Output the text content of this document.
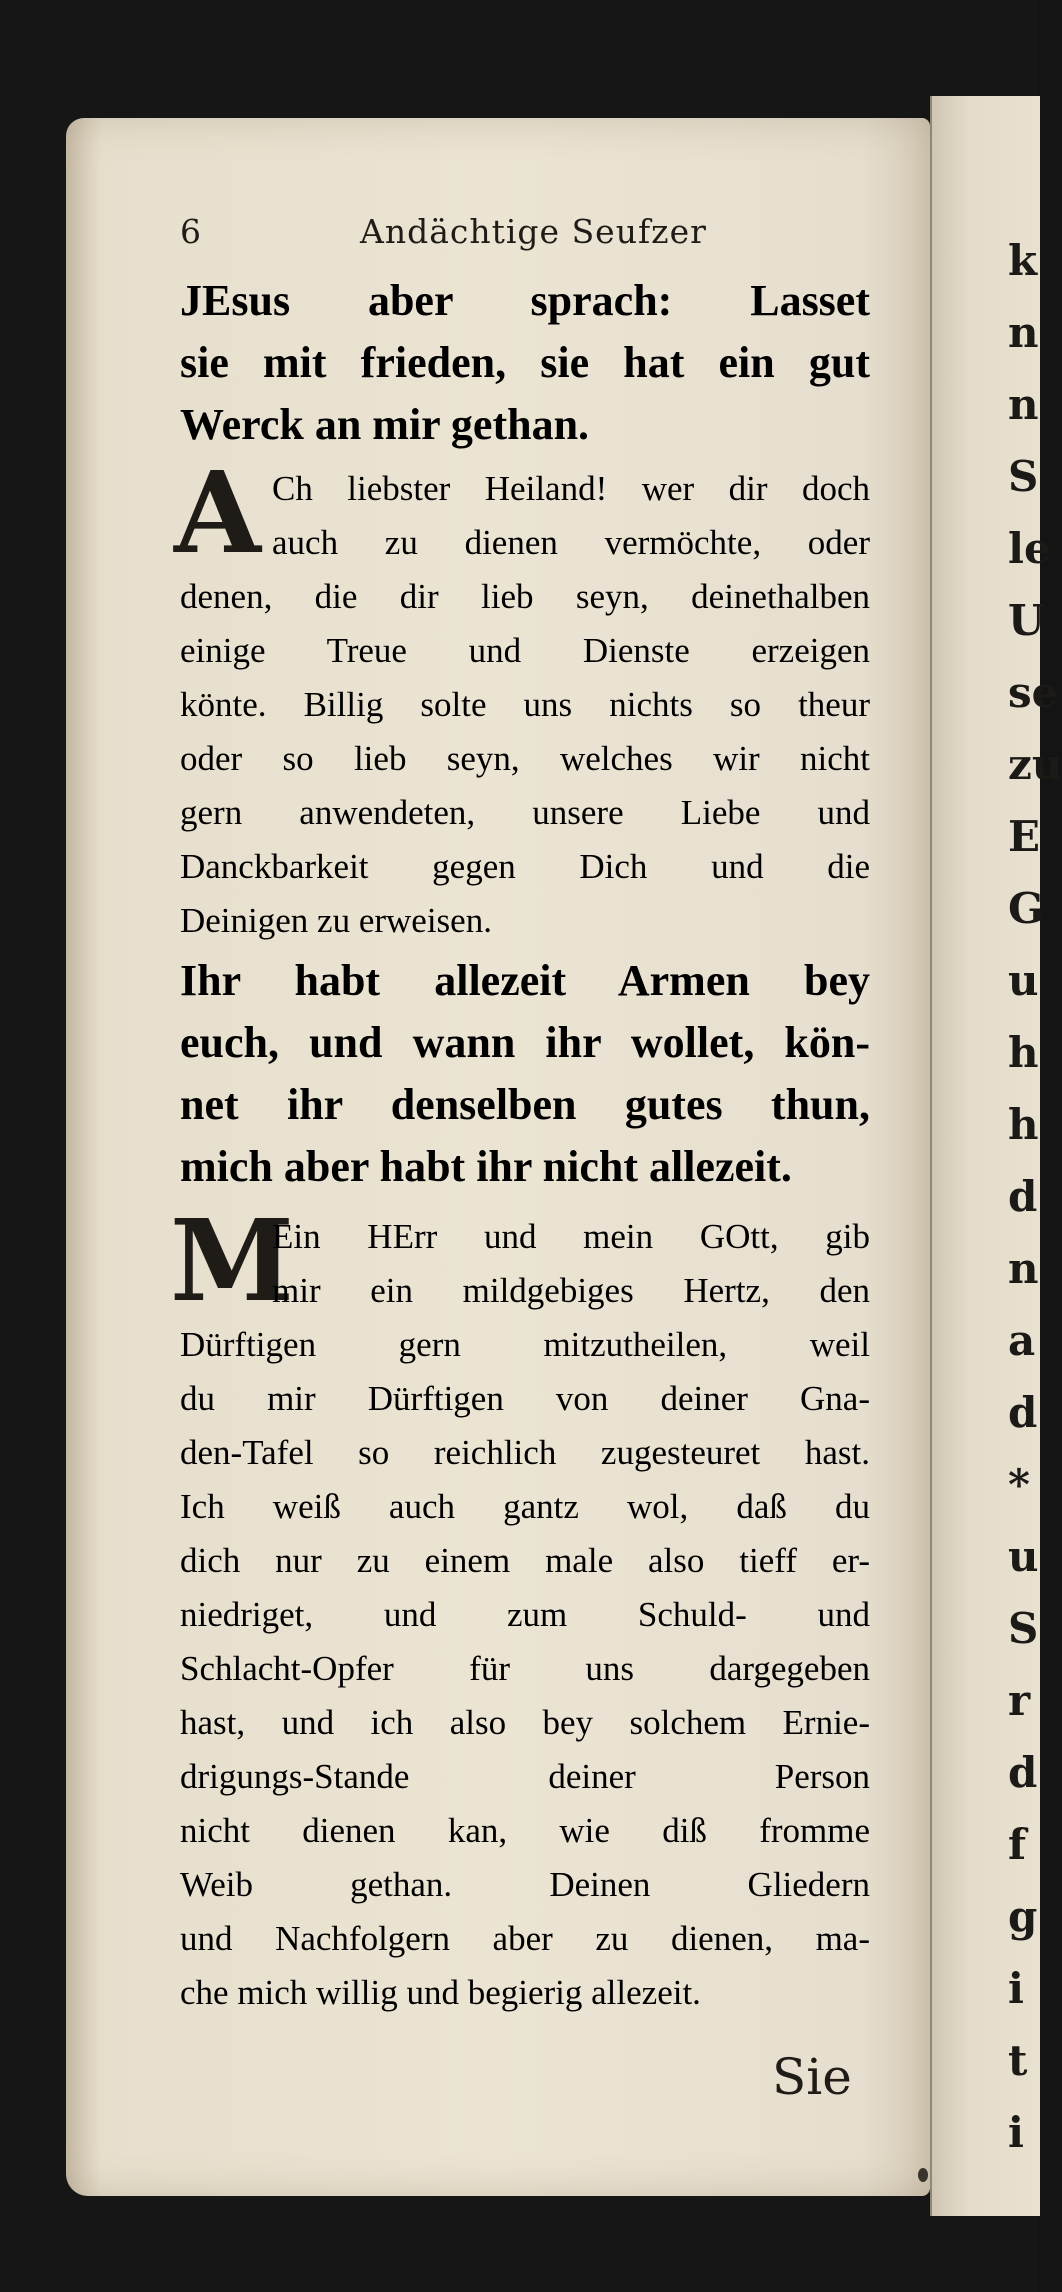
k
n
n
S
le
U
se
zu
E
G
u
h
h
d
n
a
d
*
u
S
r
d
f
g
i
t
i
6	Andächtige Seufzer
JEsus aber sprach: Lasset
sie mit frieden, sie hat ein gut
Werck an mir gethan.
A Ch liebster Heiland! wer dir doch
auch zu dienen vermöchte, oder
denen, die dir lieb seyn, deinethalben
einige Treue und Dienste erzeigen
könte. Billig solte uns nichts so theur
oder so lieb seyn, welches wir nicht
gern anwendeten, unsere Liebe und
Danckbarkeit gegen Dich und die
Deinigen zu erweisen.
Ihr habt allezeit Armen bey
euch, und wann ihr wollet, kön-
net ihr denselben gutes thun,
mich aber habt ihr nicht allezeit.
M
Ein HErr und mein GOtt, gib
mir ein mildgebiges Hertz, den
Dürftigen gern mitzutheilen, weil
du mir Dürftigen von deiner Gna-
den-Tafel so reichlich zugesteuret hast.
Ich weiß auch gantz wol, daß du
dich nur zu einem male also tieff er-
niedriget, und zum Schuld- und
Schlacht-Opfer für uns dargegeben
hast, und ich also bey solchem Ernie-
drigungs-Stande deiner Person
nicht dienen kan, wie diß fromme
Weib gethan. Deinen Gliedern
und Nachfolgern aber zu dienen, ma-
che mich willig und begierig allezeit.
Sie
